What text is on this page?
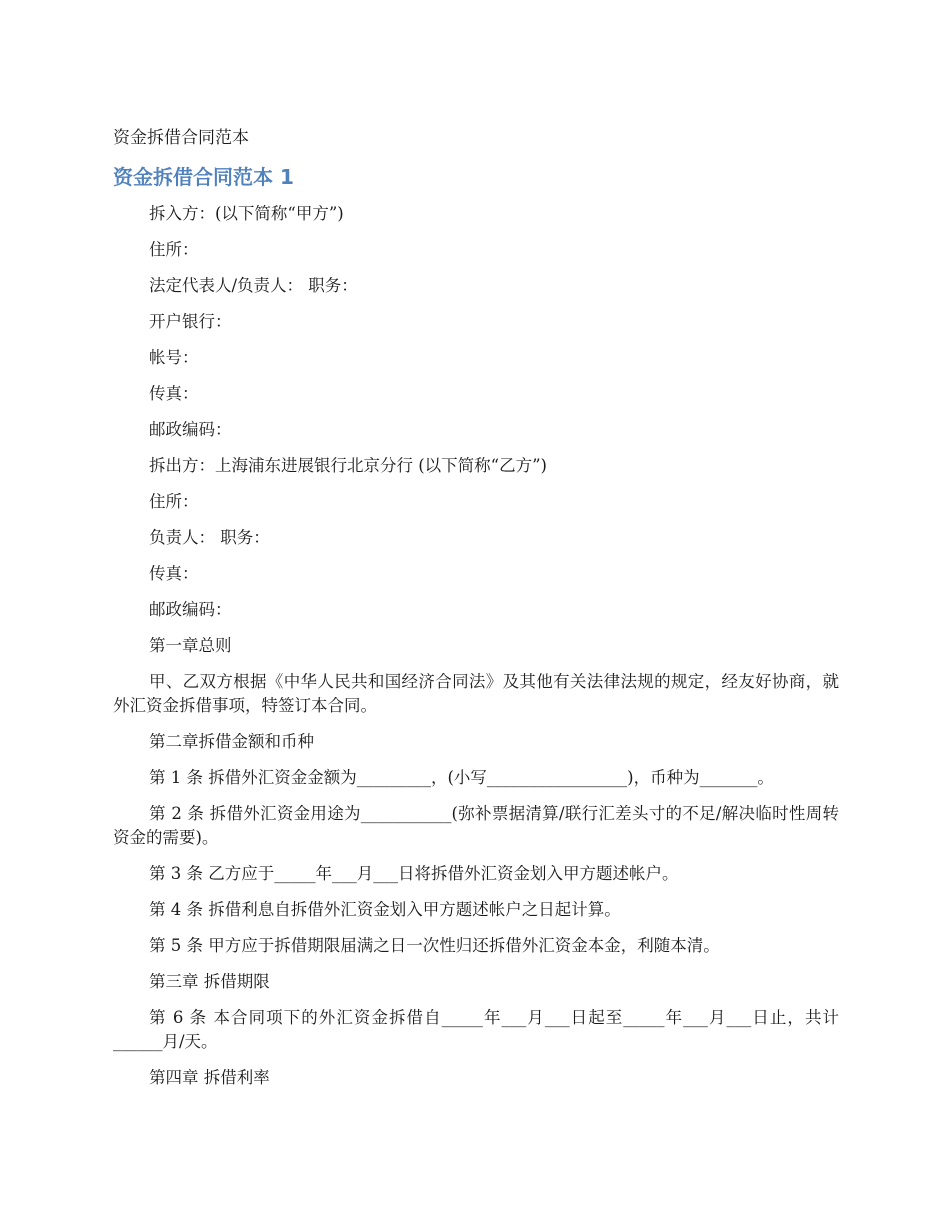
资金拆借合同范本
资金拆借合同范本 1

拆入方：(以下简称“甲方”)

住所：

法定代表人/负责人： 职务：

开户银行：

帐号：

传真：

邮政编码：

拆出方：上海浦东进展银行北京分行 (以下简称“乙方”)

住所：

负责人： 职务：

传真：

邮政编码：

第一章总则

甲、乙双方根据《中华人民共和国经济合同法》及其他有关法律法规的规定，经友好协商，就外汇资金拆借事项，特签订本合同。

第二章拆借金额和币种

第 1 条 拆借外汇资金金额为_________，(小写_________________)，币种为_______。

第 2 条 拆借外汇资金用途为___________(弥补票据清算/联行汇差头寸的不足/解决临时性周转资金的需要)。

第 3 条 乙方应于_____年___月___日将拆借外汇资金划入甲方题述帐户。

第 4 条 拆借利息自拆借外汇资金划入甲方题述帐户之日起计算。

第 5 条 甲方应于拆借期限届满之日一次性归还拆借外汇资金本金，利随本清。

第三章 拆借期限

第 6 条 本合同项下的外汇资金拆借自_____年___月___日起至_____年___月___日止，共计______月/天。

第四章 拆借利率
